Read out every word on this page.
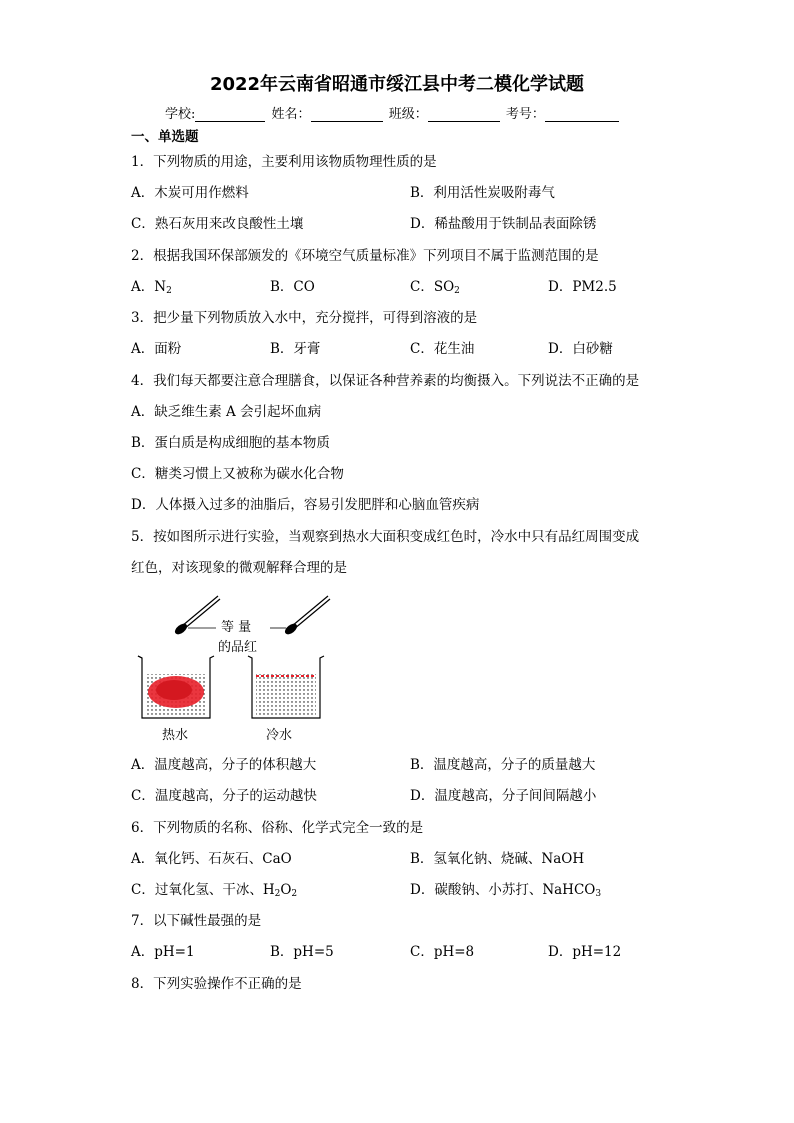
2022年云南省昭通市绥江县中考二模化学试题
学校:	姓名：	班级：	考号：
一、单选题
1．下列物质的用途，主要利用该物质物理性质的是
A．木炭可用作燃料	B．利用活性炭吸附毒气
C．熟石灰用来改良酸性土壤	D．稀盐酸用于铁制品表面除锈
2．根据我国环保部颁发的《环境空气质量标准》下列项目不属于监测范围的是
A．$N_2$	B．CO	C．$SO_2$	D．PM2.5
3．把少量下列物质放入水中，充分搅拌，可得到溶液的是
A．面粉	B．牙膏	C．花生油	D．白砂糖
4．我们每天都要注意合理膳食，以保证各种营养素的均衡摄入。下列说法不正确的是
A．缺乏维生素 A 会引起坏血病
B．蛋白质是构成细胞的基本物质
C．糖类习惯上又被称为碳水化合物
D．人体摄入过多的油脂后，容易引发肥胖和心脑血管疾病
5．按如图所示进行实验，当观察到热水大面积变成红色时，冷水中只有品红周围变成
红色，对该现象的微观解释合理的是
等 量
的品红
热水	冷水
A．温度越高，分子的体积越大	B．温度越高，分子的质量越大
C．温度越高，分子的运动越快	D．温度越高，分子间间隔越小
6．下列物质的名称、俗称、化学式完全一致的是
A．氧化钙、石灰石、CaO	B．氢氧化钠、烧碱、NaOH
C．过氧化氢、干冰、$H_2O_2$	D．碳酸钠、小苏打、NaHCO$_3$
7．以下碱性最强的是
A．pH=1	B．pH=5	C．pH=8	D．pH=12
8．下列实验操作不正确的是
